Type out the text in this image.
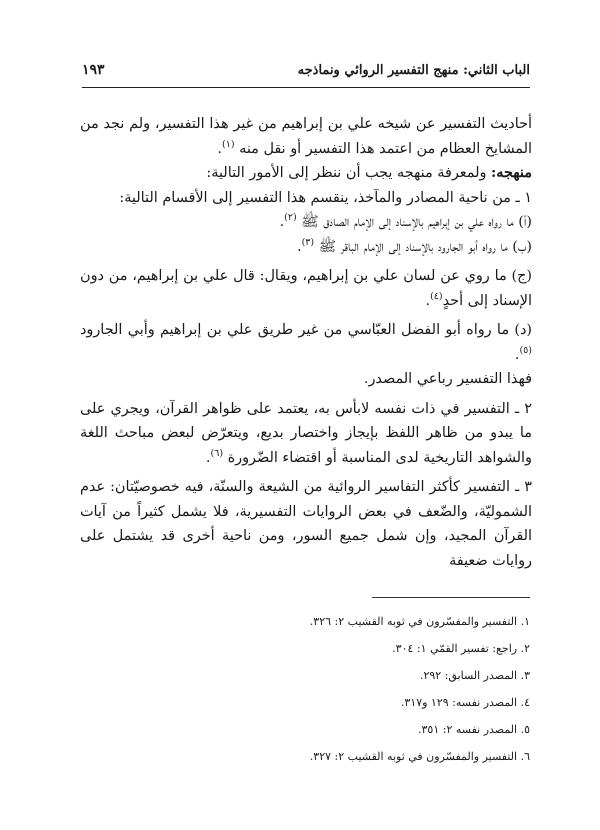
الباب الثاني: منهج التفسير الروائي ونماذجه
١٩٣

أحاديث التفسير عن شيخه علي بن إبراهيم من غير هذا التفسير، ولم نجد من المشايخ العظام من اعتمد هذا التفسير أو نقل منه $^{(١)}$.

منهجه: ولمعرفة منهجه يجب أن ننظر إلى الأمور التالية:

١ ـ من ناحية المصادر والمآخذ، ينقسم هذا التفسير إلى الأقسام التالية:

(أ) ما رواه علي بن إبراهيم بالإسناد إلى الإمام الصادق ﷺ $^{(٢)}$.

(ب) ما رواه أبو الجارود بالإسناد إلى الإمام الباقر ﷺ $^{(٣)}$.

(ج) ما روي عن لسان علي بن إبراهيم، ويقال: قال علي بن إبراهيم، من دون الإسناد إلى أحدٍ$^{(٤)}$.

(د) ما رواه أبو الفضل العبّاسي من غير طريق علي بن إبراهيم وأبي الجارود $^{(٥)}$.

فهذا التفسير رباعي المصدر.

٢ ـ التفسير في ذات نفسه لابأس به، يعتمد على ظواهر القرآن، ويجري على ما يبدو من ظاهر اللفظ بإيجاز واختصار بديع، ويتعرّض لبعض مباحث اللغة والشواهد التاريخية لدى المناسبة أو اقتضاء الضّرورة $^{(٦)}$.

٣ ـ التفسير كأكثر التفاسير الروائية من الشيعة والسنّة، فيه خصوصيّتان: عدم الشموليّة، والضّعف في بعض الروايات التفسيرية، فلا يشمل كثيراً من آيات القرآن المجيد، وإن شمل جميع السور، ومن ناحية أخرى قد يشتمل على روايات ضعيفة

١. التفسير والمفسّرون في ثوبه القشيب ٢: ٣٢٦.
٢. راجع: تفسير القمّي ١: ٣٠٤.
٣. المصدر السابق: ٢٩٢.
٤. المصدر نفسه: ١٢٩ و٣١٧.
٥. المصدر نفسه ٢: ٣٥١.
٦. التفسير والمفسّرون في ثوبه القشيب ٢: ٣٢٧.
